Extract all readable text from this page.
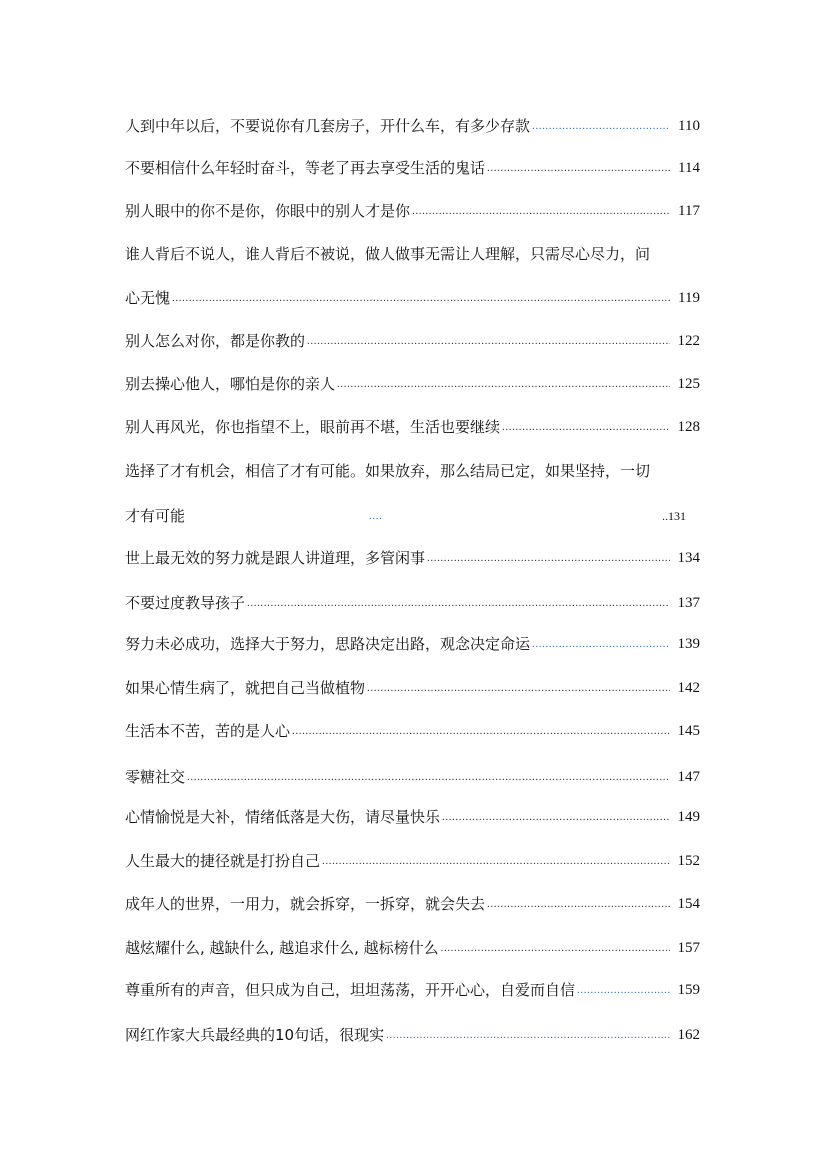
人到中年以后，不要说你有几套房子，开什么车，有多少存款 .....	110
不要相信什么年轻时奋斗，等老了再去享受生活的鬼话 .....	114
别人眼中的你不是你，你眼中的别人才是你 .....	117
谁人背后不说人，谁人背后不被说，做人做事无需让人理解，只需尽心尽力，问
心无愧 .....	119
别人怎么对你，都是你教的 .....	122
别去操心他人，哪怕是你的亲人 .....	125
别人再风光，你也指望不上，眼前再不堪，生活也要继续 .....	128
选择了才有机会，相信了才有可能。如果放弃，那么结局已定，如果坚持，一切
才有可能 .....	..131
世上最无效的努力就是跟人讲道理，多管闲事 .....	134
不要过度教导孩子 .....	137
努力未必成功，选择大于努力，思路决定出路，观念决定命运 .....	139
如果心情生病了，就把自己当做植物 .....	142
生活本不苦，苦的是人心 .....	145
零糖社交 .....	147
心情愉悦是大补，情绪低落是大伤，请尽量快乐 .....	149
人生最大的捷径就是打扮自己 .....	152
成年人的世界，一用力，就会拆穿，一拆穿，就会失去 .....	154
越炫耀什么, 越缺什么, 越追求什么, 越标榜什么 .....	157
尊重所有的声音，但只成为自己，坦坦荡荡，开开心心，自爱而自信 .....	159
网红作家大兵最经典的10句话，很现实 .....	162
